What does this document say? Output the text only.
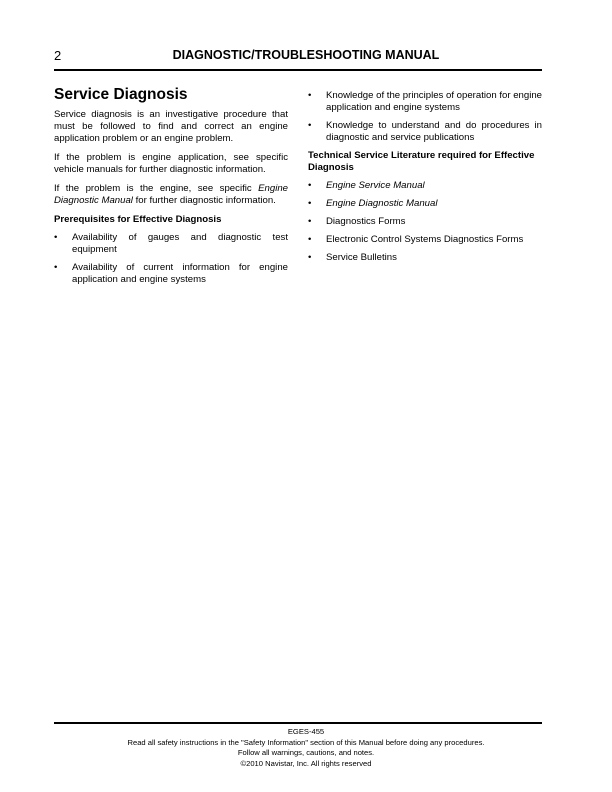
2	DIAGNOSTIC/TROUBLESHOOTING MANUAL
Service Diagnosis

Service diagnosis is an investigative procedure that must be followed to find and correct an engine application problem or an engine problem.

If the problem is engine application, see specific vehicle manuals for further diagnostic information.

If the problem is the engine, see specific Engine Diagnostic Manual for further diagnostic information.

Prerequisites for Effective Diagnosis
• Availability of gauges and diagnostic test equipment
• Availability of current information for engine application and engine systems
• Knowledge of the principles of operation for engine application and engine systems
• Knowledge to understand and do procedures in diagnostic and service publications
Technical Service Literature required for Effective Diagnosis
• Engine Service Manual
• Engine Diagnostic Manual
• Diagnostics Forms
• Electronic Control Systems Diagnostics Forms
• Service Bulletins
EGES-455
Read all safety instructions in the "Safety Information" section of this Manual before doing any procedures.
Follow all warnings, cautions, and notes.
©2010 Navistar, Inc. All rights reserved
